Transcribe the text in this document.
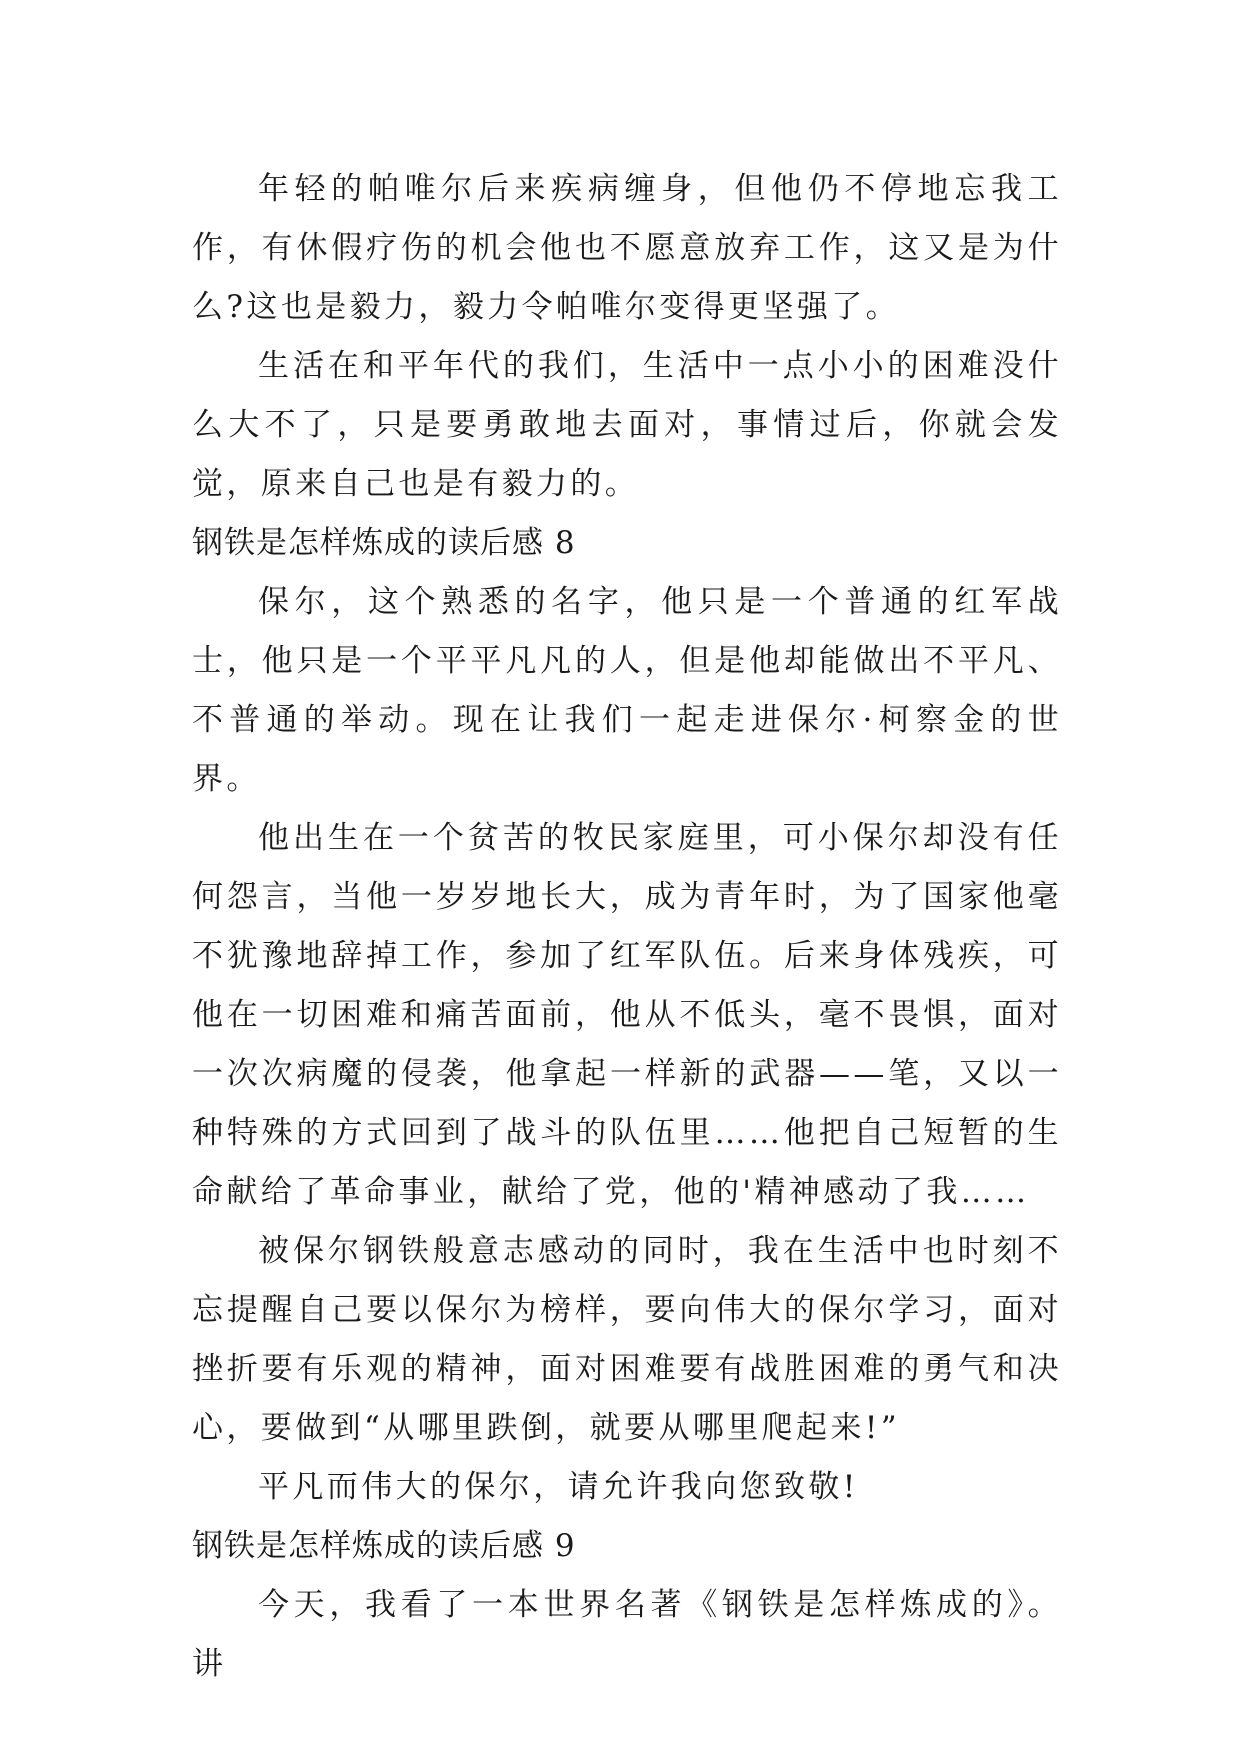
年轻的帕唯尔后来疾病缠身，但他仍不停地忘我工作，有休假疗伤的机会他也不愿意放弃工作，这又是为什么?这也是毅力，毅力令帕唯尔变得更坚强了。

生活在和平年代的我们，生活中一点小小的困难没什么大不了，只是要勇敢地去面对，事情过后，你就会发觉，原来自己也是有毅力的。

钢铁是怎样炼成的读后感 8

保尔，这个熟悉的名字，他只是一个普通的红军战士，他只是一个平平凡凡的人，但是他却能做出不平凡、不普通的举动。现在让我们一起走进保尔·柯察金的世界。

他出生在一个贫苦的牧民家庭里，可小保尔却没有任何怨言，当他一岁岁地长大，成为青年时，为了国家他毫不犹豫地辞掉工作，参加了红军队伍。后来身体残疾，可他在一切困难和痛苦面前，他从不低头，毫不畏惧，面对一次次病魔的侵袭，他拿起一样新的武器——笔，又以一种特殊的方式回到了战斗的队伍里……他把自己短暂的生命献给了革命事业，献给了党，他的'精神感动了我……

被保尔钢铁般意志感动的同时，我在生活中也时刻不忘提醒自己要以保尔为榜样，要向伟大的保尔学习，面对挫折要有乐观的精神，面对困难要有战胜困难的勇气和决心，要做到“从哪里跌倒，就要从哪里爬起来!”

平凡而伟大的保尔，请允许我向您致敬!

钢铁是怎样炼成的读后感 9

今天，我看了一本世界名著《钢铁是怎样炼成的》。讲
